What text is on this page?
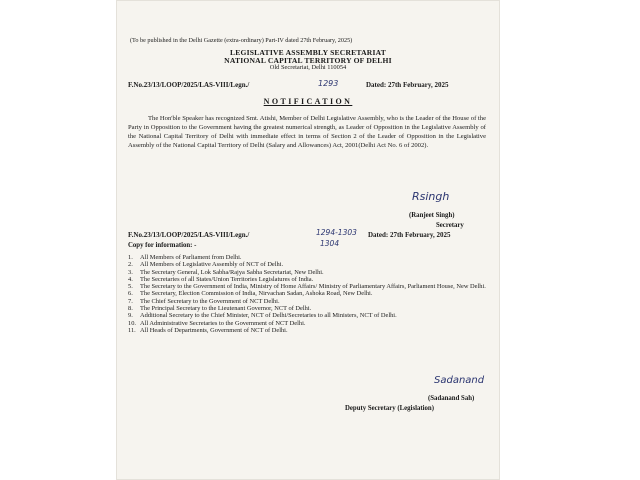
(To be published in the Delhi Gazette (extra-ordinary) Part-IV dated 27th February, 2025)
LEGISLATIVE ASSEMBLY SECRETARIAT
NATIONAL CAPITAL TERRITORY OF DELHI
Old Secretariat, Delhi 110054
F.No.23/13/LOOP/2025/LAS-VIII/Legn./	1293	Dated: 27th February, 2025
NOTIFICATION
The Hon'ble Speaker has recognized Smt. Atishi, Member of Delhi Legislative Assembly, who is the Leader of the House of the Party in Opposition to the Government having the greatest numerical strength, as Leader of Opposition in the Legislative Assembly of the National Capital Territory of Delhi with immediate effect in terms of Section 2 of the Leader of Opposition in the Legislative Assembly of the National Capital Territory of Delhi (Salary and Allowances) Act, 2001(Delhi Act No. 6 of 2002).
Rsingh
(Ranjeet Singh)
Secretary
F.No.23/13/LOOP/2025/LAS-VIII/Legn./	1294-1303
1304
Dated: 27th February, 2025
Copy for information: -
1.	All Members of Parliament from Delhi.
2.	All Members of Legislative Assembly of NCT of Delhi.
3.	The Secretary General, Lok Sabha/Rajya Sabha Secretariat, New Delhi.
4.	The Secretaries of all States/Union Territories Legislatures of India.
5.	The Secretary to the Government of India, Ministry of Home Affairs/ Ministry of Parliamentary Affairs, Parliament House, New Delhi.
6.	The Secretary, Election Commission of India, Nirvachan Sadan, Ashoka Road, New Delhi.
7.	The Chief Secretary to the Government of NCT Delhi.
8.	The Principal Secretary to the Lieutenant Governor, NCT of Delhi.
9.	Additional Secretary to the Chief Minister, NCT of Delhi/Secretaries to all Ministers, NCT of Delhi.
10. All Administrative Secretaries to the Government of NCT Delhi.
11. All Heads of Departments, Government of NCT of Delhi.
Sadanand
(Sadanand Sah)
Deputy Secretary (Legislation)
